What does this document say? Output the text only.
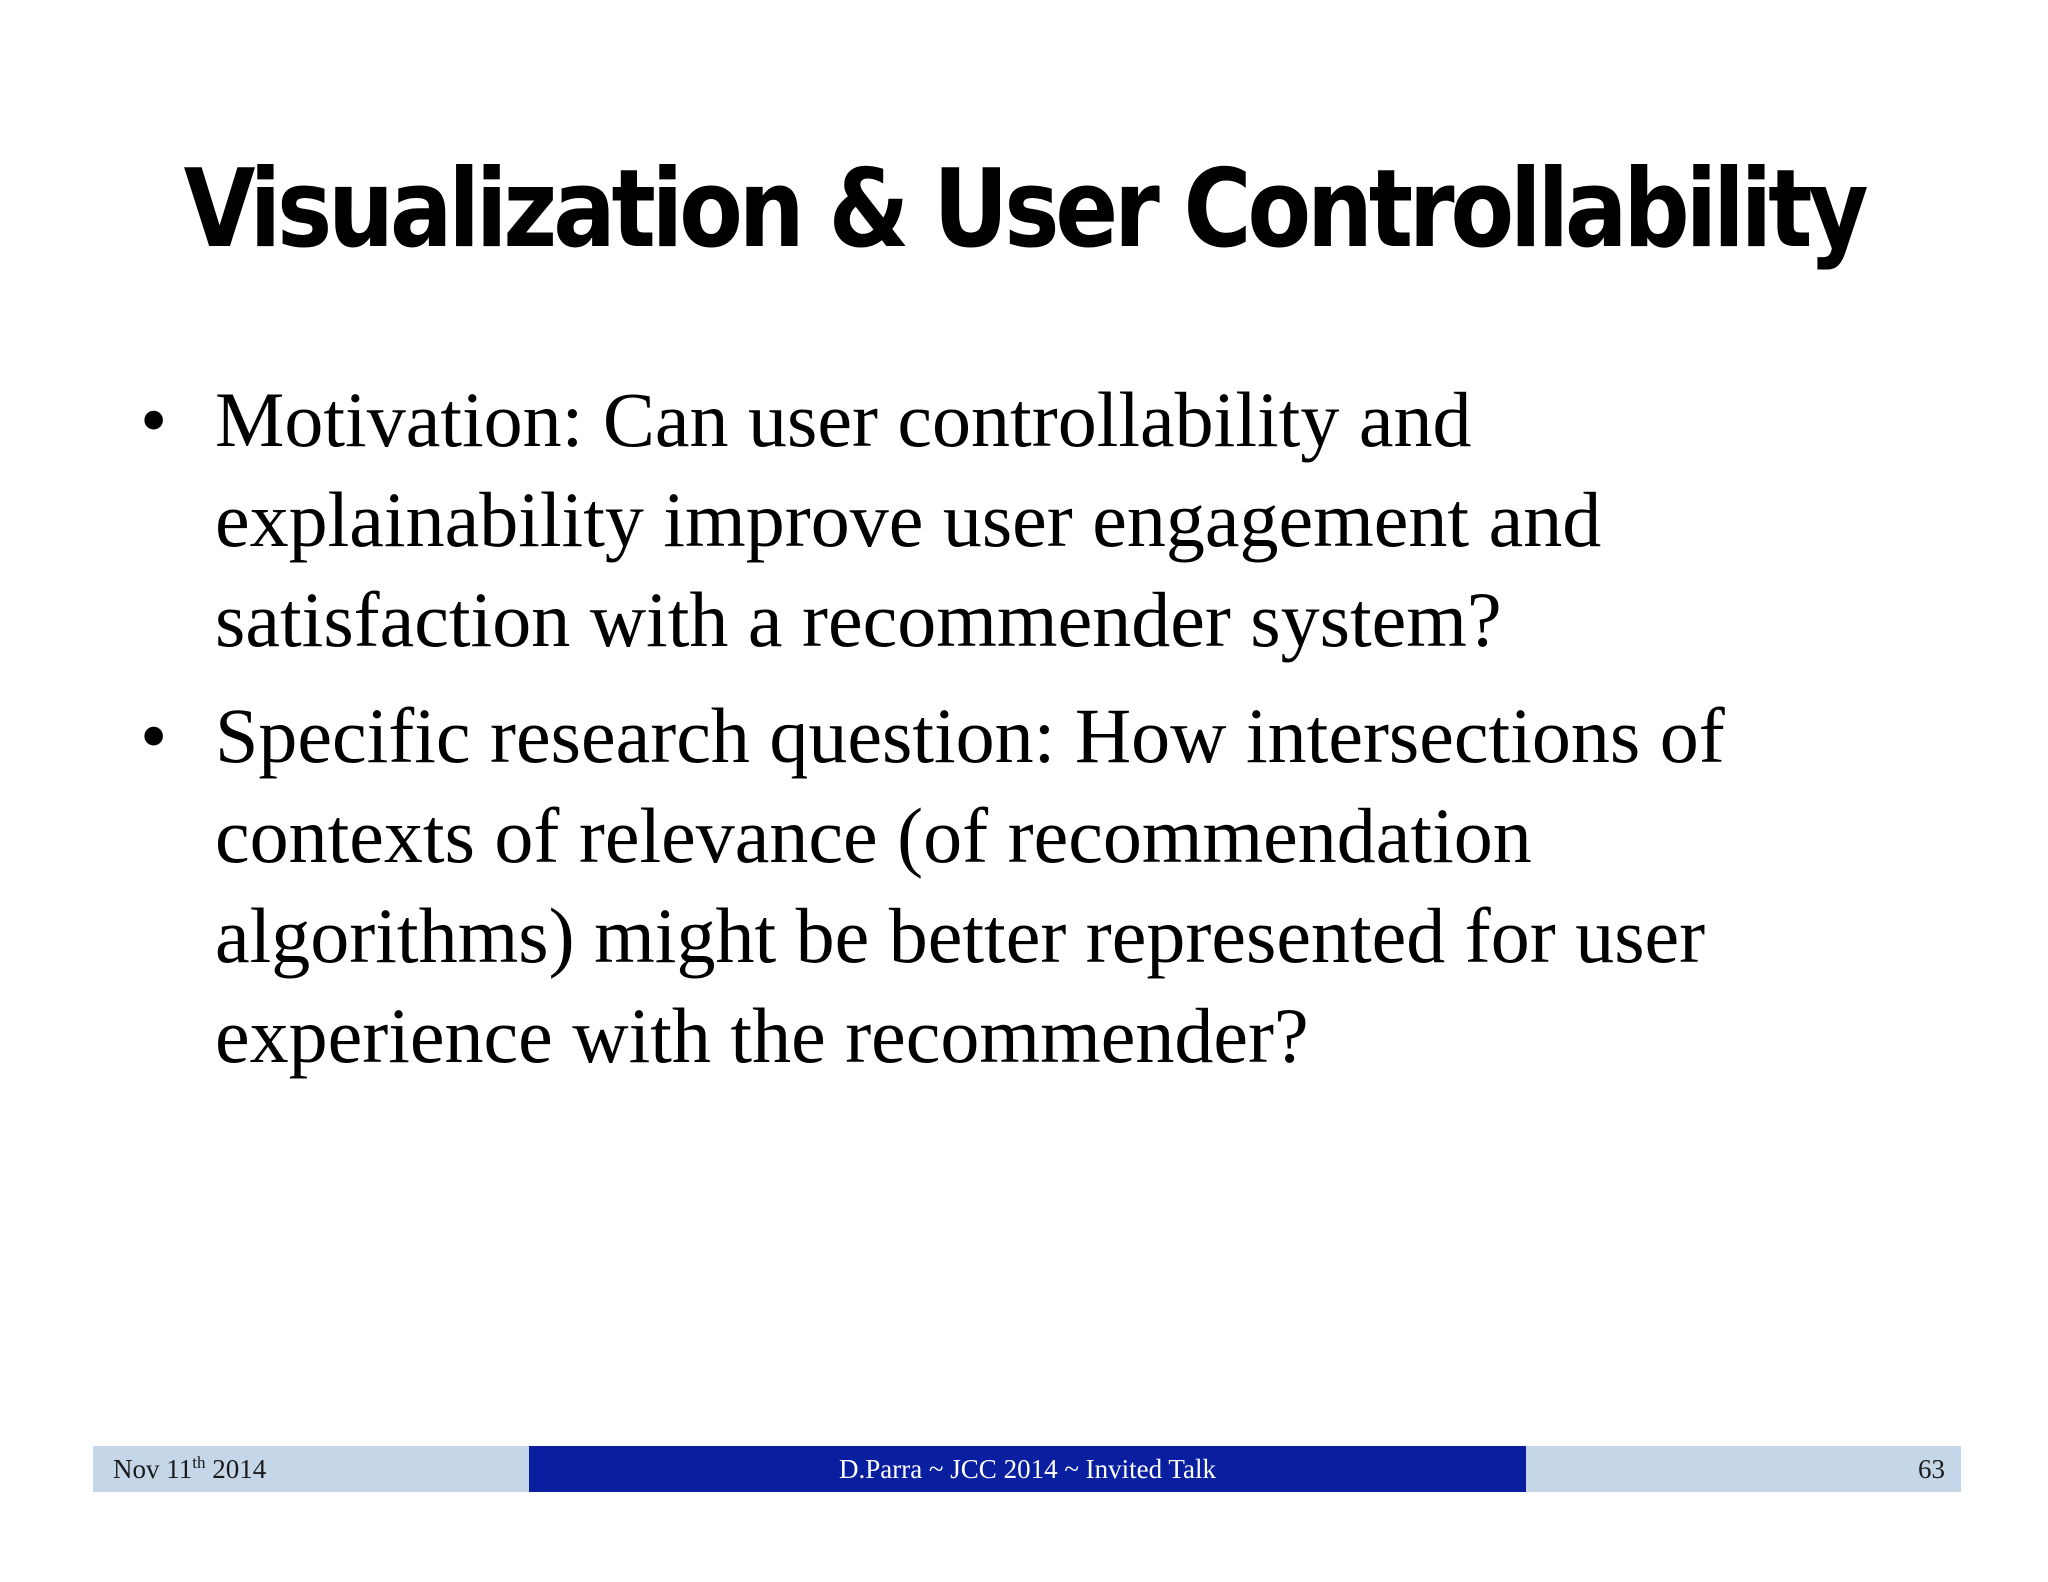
Visualization & User Controllability
• Motivation: Can user controllability and explainability improve user engagement and satisfaction with a recommender system?
• Specific research question: How intersections of contexts of relevance (of recommendation algorithms) might be better represented for user experience with the recommender?
Nov 11th 2014	D.Parra ~ JCC 2014 ~ Invited Talk	63
